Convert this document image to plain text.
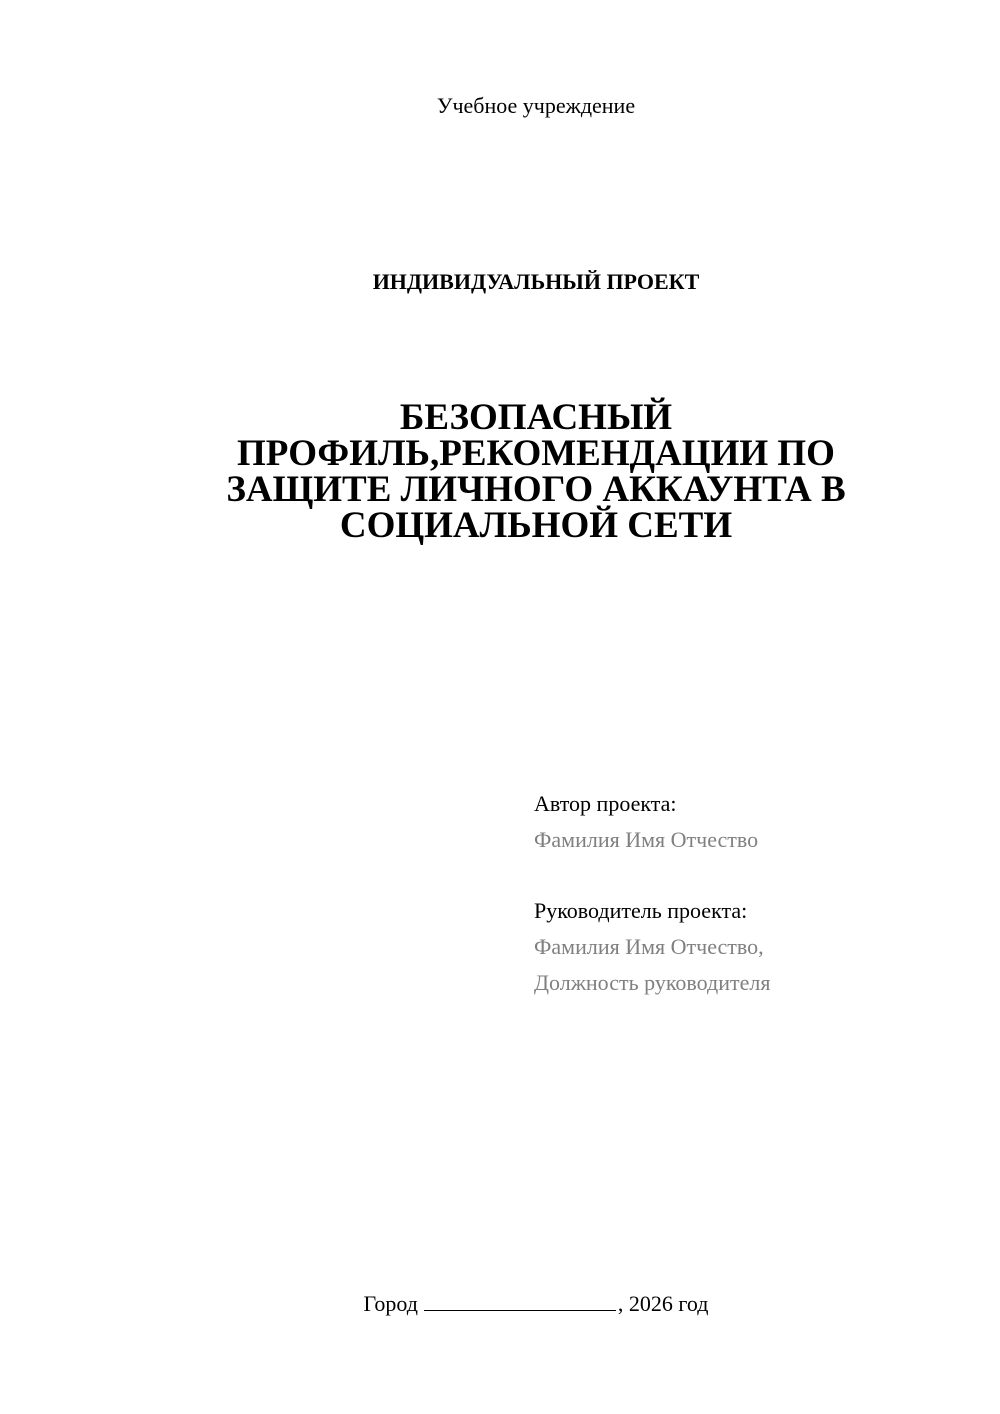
Учебное учреждение
ИНДИВИДУАЛЬНЫЙ ПРОЕКТ
БЕЗОПАСНЫЙ
ПРОФИЛЬ,РЕКОМЕНДАЦИИ ПО
ЗАЩИТЕ ЛИЧНОГО АККАУНТА В
СОЦИАЛЬНОЙ СЕТИ
Автор проекта:
Фамилия Имя Отчество
Руководитель проекта:
Фамилия Имя Отчество,
Должность руководителя
Город	, 2026 год
